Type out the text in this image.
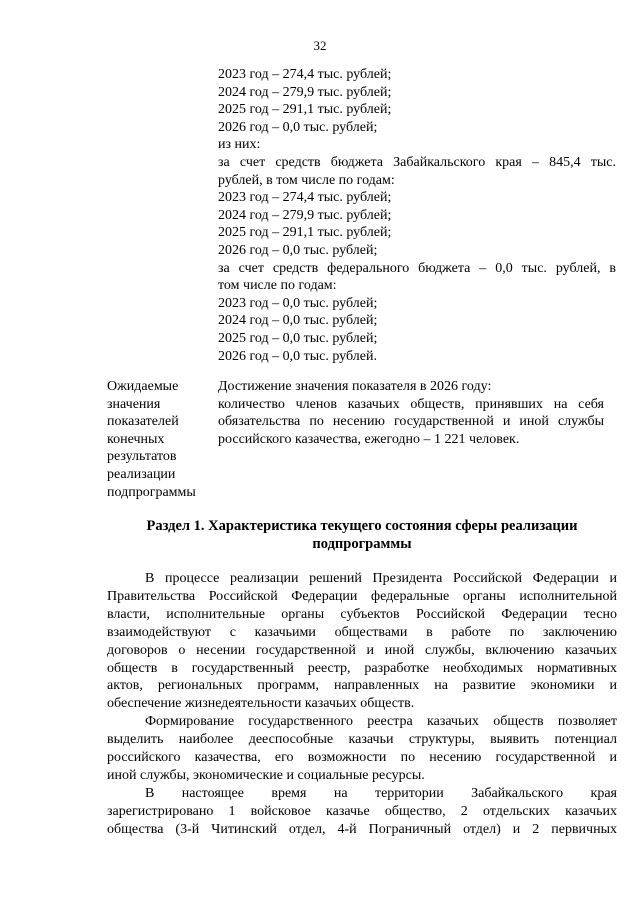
32
2023 год – 274,4 тыс. рублей;
2024 год – 279,9 тыс. рублей;
2025 год – 291,1 тыс. рублей;
2026 год – 0,0 тыс. рублей;
из них:
за счет средств бюджета Забайкальского края – 845,4 тыс.
рублей, в том числе по годам:
2023 год – 274,4 тыс. рублей;
2024 год – 279,9 тыс. рублей;
2025 год – 291,1 тыс. рублей;
2026 год – 0,0 тыс. рублей;
за счет средств федерального бюджета – 0,0 тыс. рублей, в
том числе по годам:
2023 год – 0,0 тыс. рублей;
2024 год – 0,0 тыс. рублей;
2025 год – 0,0 тыс. рублей;
2026 год – 0,0 тыс. рублей.
Ожидаемые
значения
показателей
конечных
результатов
реализации
подпрограммы
Достижение значения показателя в 2026 году:
количество членов казачьих обществ, принявших на себя
обязательства по несению государственной и иной службы
российского казачества, ежегодно – 1 221 человек.
Раздел 1. Характеристика текущего состояния сферы реализации
подпрограммы
В процессе реализации решений Президента Российской Федерации и
Правительства Российской Федерации федеральные органы исполнительной
власти, исполнительные органы субъектов Российской Федерации тесно
взаимодействуют с казачьими обществами в работе по заключению
договоров о несении государственной и иной службы, включению казачьих
обществ в государственный реестр, разработке необходимых нормативных
актов, региональных программ, направленных на развитие экономики и
обеспечение жизнедеятельности казачьих обществ.
Формирование государственного реестра казачьих обществ позволяет
выделить наиболее дееспособные казачьи структуры, выявить потенциал
российского казачества, его возможности по несению государственной и
иной службы, экономические и социальные ресурсы.
В настоящее время на территории Забайкальского края
зарегистрировано 1 войсковое казачье общество, 2 отдельских казачьих
общества (3-й Читинский отдел, 4-й Пограничный отдел) и 2 первичных
